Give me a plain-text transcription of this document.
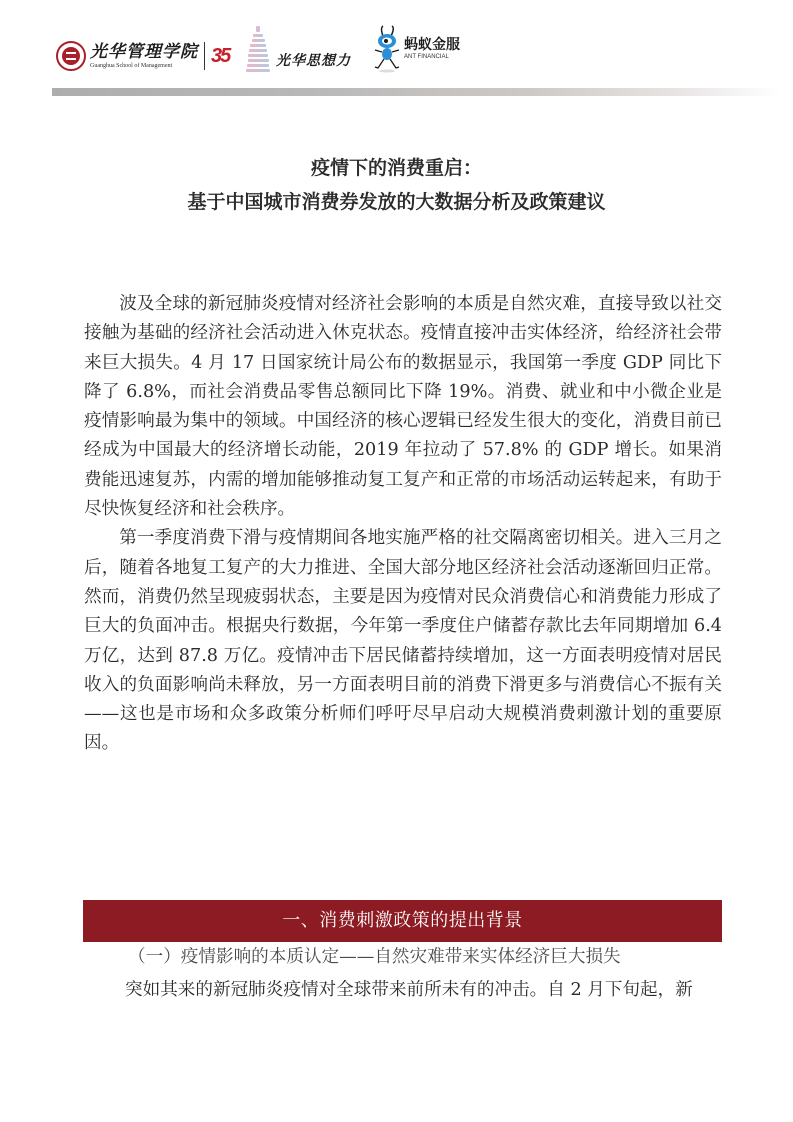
光华管理学院
Guanghua School of Management	35	光华思想力
蚂蚁金服
ANT FINANCIAL
疫情下的消费重启：
基于中国城市消费券发放的大数据分析及政策建议

波及全球的新冠肺炎疫情对经济社会影响的本质是自然灾难，直接导致以社交接触为基础的经济社会活动进入休克状态。疫情直接冲击实体经济，给经济社会带来巨大损失。4 月 17 日国家统计局公布的数据显示，我国第一季度 GDP 同比下降了 6.8%，而社会消费品零售总额同比下降 19%。消费、就业和中小微企业是疫情影响最为集中的领域。中国经济的核心逻辑已经发生很大的变化，消费目前已经成为中国最大的经济增长动能，2019 年拉动了 57.8% 的 GDP 增长。如果消费能迅速复苏，内需的增加能够推动复工复产和正常的市场活动运转起来，有助于尽快恢复经济和社会秩序。

第一季度消费下滑与疫情期间各地实施严格的社交隔离密切相关。进入三月之后，随着各地复工复产的大力推进、全国大部分地区经济社会活动逐渐回归正常。然而，消费仍然呈现疲弱状态，主要是因为疫情对民众消费信心和消费能力形成了巨大的负面冲击。根据央行数据，今年第一季度住户储蓄存款比去年同期增加 6.4 万亿，达到 87.8 万亿。疫情冲击下居民储蓄持续增加，这一方面表明疫情对居民收入的负面影响尚未释放，另一方面表明目前的消费下滑更多与消费信心不振有关——这也是市场和众多政策分析师们呼吁尽早启动大规模消费刺激计划的重要原因。

一、消费刺激政策的提出背景
（一）疫情影响的本质认定——自然灾难带来实体经济巨大损失
突如其来的新冠肺炎疫情对全球带来前所未有的冲击。自 2 月下旬起，新
